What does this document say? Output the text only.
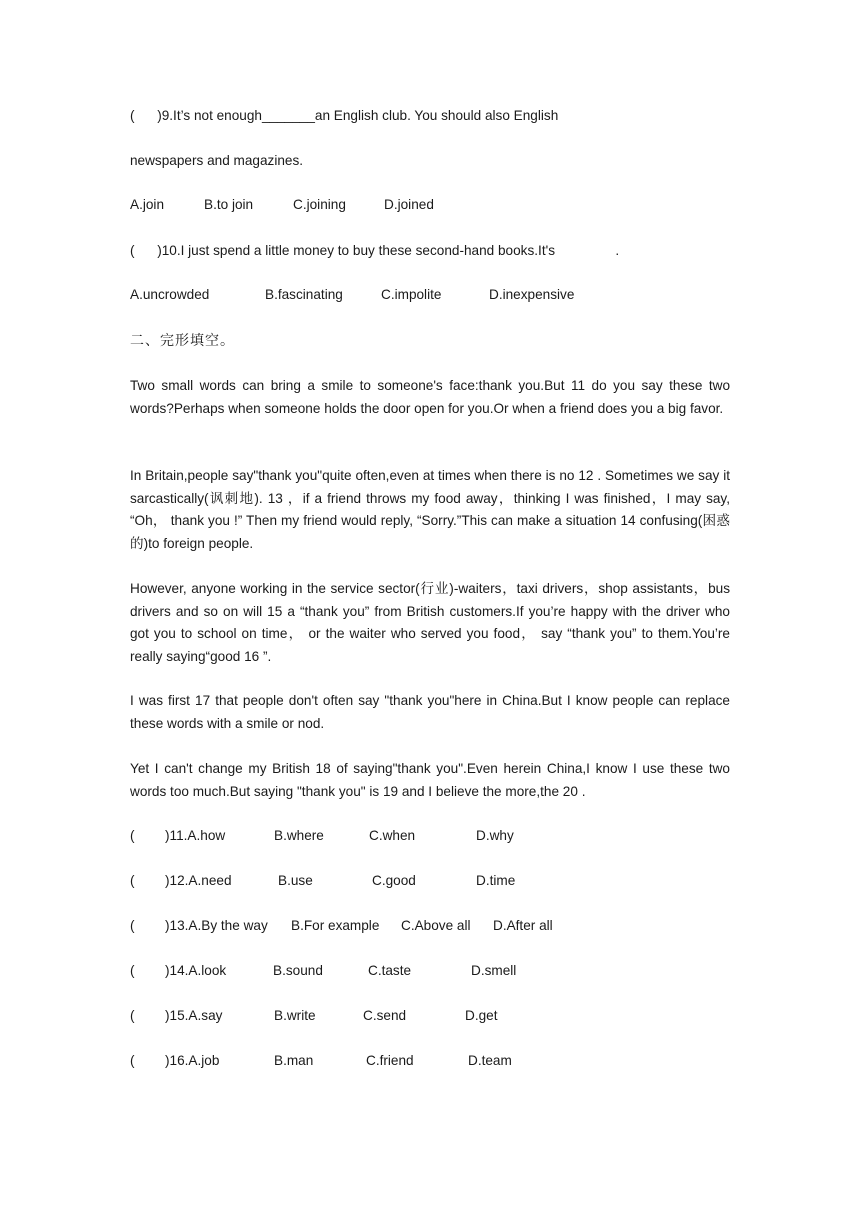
(      )9.It’s not enough_______an English club. You should also English
newspapers and magazines.
A.join	B.to join	C.joining	D.joined
(      )10.I just spend a little money to buy these second-hand books.It's                .
A.uncrowded	B.fascinating	C.impolite	D.inexpensive
二、完形填空。
Two small words can bring a smile to someone's face:thank you.But 11 do you say these two words?Perhaps when someone holds the door open for you.Or when a friend does you a big favor.
In Britain,people say"thank you"quite often,even at times when there is no 12 . Sometimes we say it sarcastically(讽刺地). 13 ，if a friend throws my food away，thinking I was finished，I may say, “Oh， thank you !” Then my friend would reply, “Sorry.”This can make a situation 14 confusing(困惑的)to foreign people.
However, anyone working in the service sector(行业)-waiters，taxi drivers，shop assistants，bus drivers and so on will 15 a “thank you” from British customers.If you’re happy with the driver who got you to school on time， or the waiter who served you food， say “thank you” to them.You’re really saying“good 16 ”.
I was first 17 that people don't often say "thank you"here in China.But I know people can replace these words with a smile or nod.
Yet I can't change my British 18 of saying"thank you".Even herein China,I know I use these two words too much.But saying "thank you" is 19 and I believe the more,the 20 .
( )11.A.how	B.where	C.when	D.why
( )12.A.need	B.use	C.good	D.time
( )13.A.By the way B.For example C.Above all D.After all
( )14.A.look	B.sound	C.taste	D.smell
( )15.A.say	B.write	C.send	D.get
( )16.A.job	B.man	C.friend	D.team
